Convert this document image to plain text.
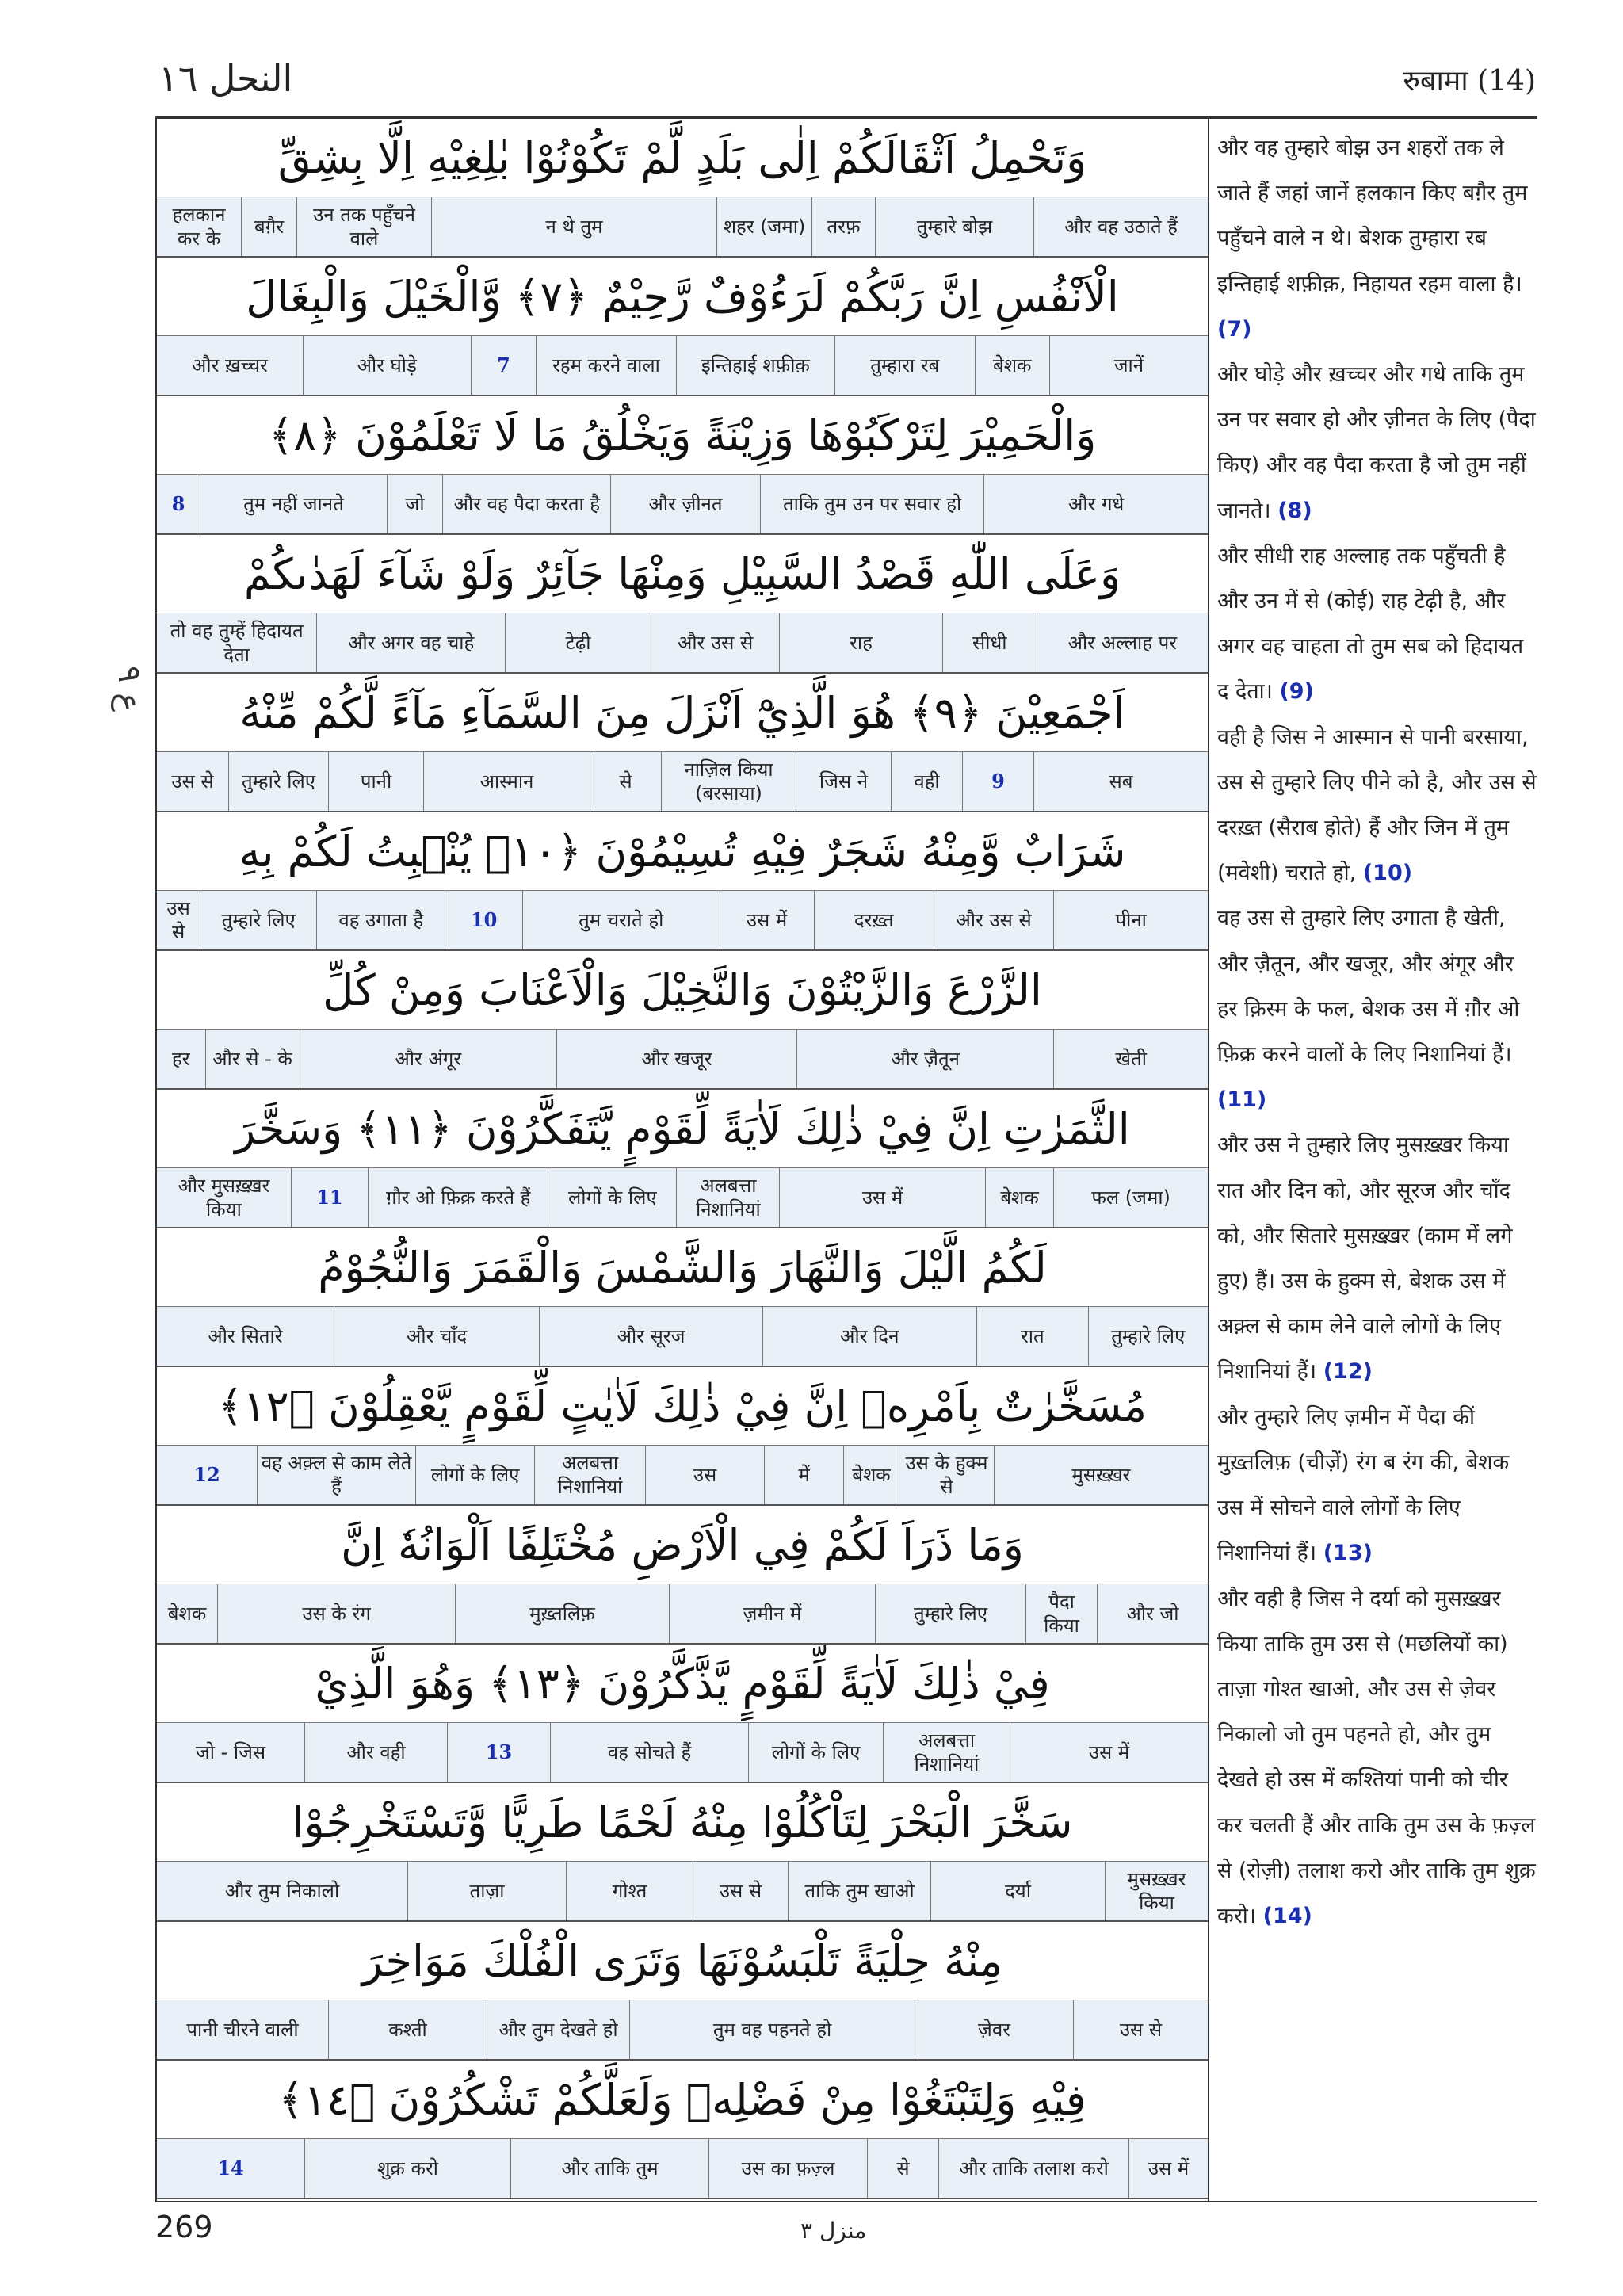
النحل ١٦	रुबामा (14)
وَتَحْمِلُ اَثْقَالَكُمْ اِلٰى بَلَدٍ لَّمْ تَكُوْنُوْا بٰلِغِيْهِ اِلَّا بِشِقِّ
और वह उठाते हैं
तुम्हारे बोझ
तरफ़
शहर (जमा)
न थे तुम
उन तक पहुँचने वाले
बग़ैर
हलकान कर के
الْاَنْفُسِ اِنَّ رَبَّكُمْ لَرَءُوْفٌ رَّحِيْمٌ ﴿٧﴾ وَّالْخَيْلَ وَالْبِغَالَ
जानें
बेशक
तुम्हारा रब
इन्तिहाई शफ़ीक़
रहम करने वाला
7
और घोड़े
और ख़च्चर
وَالْحَمِيْرَ لِتَرْكَبُوْهَا وَزِيْنَةً وَيَخْلُقُ مَا لَا تَعْلَمُوْنَ ﴿٨﴾
और गधे
ताकि तुम उन पर सवार हो
और ज़ीनत
और वह पैदा करता है
जो
तुम नहीं जानते
8
وَعَلَى اللّٰهِ قَصْدُ السَّبِيْلِ وَمِنْهَا جَآئِرٌ وَلَوْ شَآءَ لَهَدٰىكُمْ
और अल्लाह पर
सीधी
राह
और उस से
टेढ़ी
और अगर वह चाहे
तो वह तुम्हें हिदायत देता
اَجْمَعِيْنَ ﴿٩﴾ هُوَ الَّذِيْٓ اَنْزَلَ مِنَ السَّمَآءِ مَآءً لَّكُمْ مِّنْهُ
सब
9
वही
जिस ने
नाज़िल किया (बरसाया)
से
आस्मान
पानी
तुम्हारे लिए
उस से
شَرَابٌ وَّمِنْهُ شَجَرٌ فِيْهِ تُسِيْمُوْنَ ﴿١٠﴾ يُنْۢبِتُ لَكُمْ بِهِ
पीना
और उस से
दरख़्त
उस में
तुम चराते हो
10
वह उगाता है
तुम्हारे लिए
उस से
الزَّرْعَ وَالزَّيْتُوْنَ وَالنَّخِيْلَ وَالْاَعْنَابَ وَمِنْ كُلِّ
खेती
और ज़ैतून
और खजूर
और अंगूर
और से - के
हर
الثَّمَرٰتِ اِنَّ فِيْ ذٰلِكَ لَاٰيَةً لِّقَوْمٍ يَّتَفَكَّرُوْنَ ﴿١١﴾ وَسَخَّرَ
फल (जमा)
बेशक
उस में
अलबत्ता निशानियां
लोगों के लिए
ग़ौर ओ फ़िक्र करते हैं
11
और मुसख़्ख़र किया
لَكُمُ الَّيْلَ وَالنَّهَارَ وَالشَّمْسَ وَالْقَمَرَ وَالنُّجُوْمُ
तुम्हारे लिए
रात
और दिन
और सूरज
और चाँद
और सितारे
مُسَخَّرٰتٌ بِاَمْرِهٖ اِنَّ فِيْ ذٰلِكَ لَاٰيٰتٍ لِّقَوْمٍ يَّعْقِلُوْنَ ﴿١٢﴾
मुसख़्ख़र
उस के हुक्म से
बेशक
में
उस
अलबत्ता निशानियां
लोगों के लिए
वह अक़्ल से काम लेते हैं
12
وَمَا ذَرَاَ لَكُمْ فِي الْاَرْضِ مُخْتَلِفًا اَلْوَانُهٗ اِنَّ
और जो
पैदा किया
तुम्हारे लिए
ज़मीन में
मुख़्तलिफ़
उस के रंग
बेशक
فِيْ ذٰلِكَ لَاٰيَةً لِّقَوْمٍ يَّذَّكَّرُوْنَ ﴿١٣﴾ وَهُوَ الَّذِيْ
उस में
अलबत्ता निशानियां
लोगों के लिए
वह सोचते हैं
13
और वही
जो - जिस
سَخَّرَ الْبَحْرَ لِتَاْكُلُوْا مِنْهُ لَحْمًا طَرِيًّا وَّتَسْتَخْرِجُوْا
मुसख़्ख़र किया
दर्या
ताकि तुम खाओ
उस से
गोश्त
ताज़ा
और तुम निकालो
مِنْهُ حِلْيَةً تَلْبَسُوْنَهَا وَتَرَى الْفُلْكَ مَوَاخِرَ
उस से
ज़ेवर
तुम वह पहनते हो
और तुम देखते हो
कश्ती
पानी चीरने वाली
فِيْهِ وَلِتَبْتَغُوْا مِنْ فَضْلِهٖ وَلَعَلَّكُمْ تَشْكُرُوْنَ ﴿١٤﴾
उस में
और ताकि तलाश करो
से
उस का फ़ज़्ल
और ताकि तुम
शुक्र करो
14
और वह तुम्हारे बोझ उन शहरों तक ले जाते हैं जहां जानें हलकान किए बग़ैर तुम पहुँचने वाले न थे। बेशक तुम्हारा रब इन्तिहाई शफ़ीक़, निहायत रहम वाला है। (7)
और घोड़े और ख़च्चर और गधे ताकि तुम उन पर सवार हो और ज़ीनत के लिए (पैदा किए) और वह पैदा करता है जो तुम नहीं जानते। (8)
और सीधी राह अल्लाह तक पहुँचती है और उन में से (कोई) राह टेढ़ी है, और अगर वह चाहता तो तुम सब को हिदायत द देता। (9)
वही है जिस ने आस्मान से पानी बरसाया, उस से तुम्हारे लिए पीने को है, और उस से दरख़्त (सैराब होते) हैं और जिन में तुम (मवेशी) चराते हो, (10)
वह उस से तुम्हारे लिए उगाता है खेती, और ज़ैतून, और खजूर, और अंगूर और हर क़िस्म के फल, बेशक उस में ग़ौर ओ फ़िक्र करने वालों के लिए निशानियां हैं। (11)
और उस ने तुम्हारे लिए मुसख़्ख़र किया रात और दिन को, और सूरज और चाँद को, और सितारे मुसख़्ख़र (काम में लगे हुए) हैं। उस के हुक्म से, बेशक उस में अक़्ल से काम लेने वाले लोगों के लिए निशानियां हैं। (12)
और तुम्हारे लिए ज़मीन में पैदा कीं मुख़्तलिफ़ (चीज़ें) रंग ब रंग की, बेशक उस में सोचने वाले लोगों के लिए निशानियां हैं। (13)
और वही है जिस ने दर्या को मुसख़्ख़र किया ताकि तुम उस से (मछलियों का) ताज़ा गोश्त खाओ, और उस से ज़ेवर निकालो जो तुम पहनते हो, और तुम देखते हो उस में कश्तियां पानी को चीर कर चलती हैं और ताकि तुम उस के फ़ज़्ल से (रोज़ी) तलाश करो और ताकि तुम शुक्र करो। (14)
ع ٩
269	منزل ٣
